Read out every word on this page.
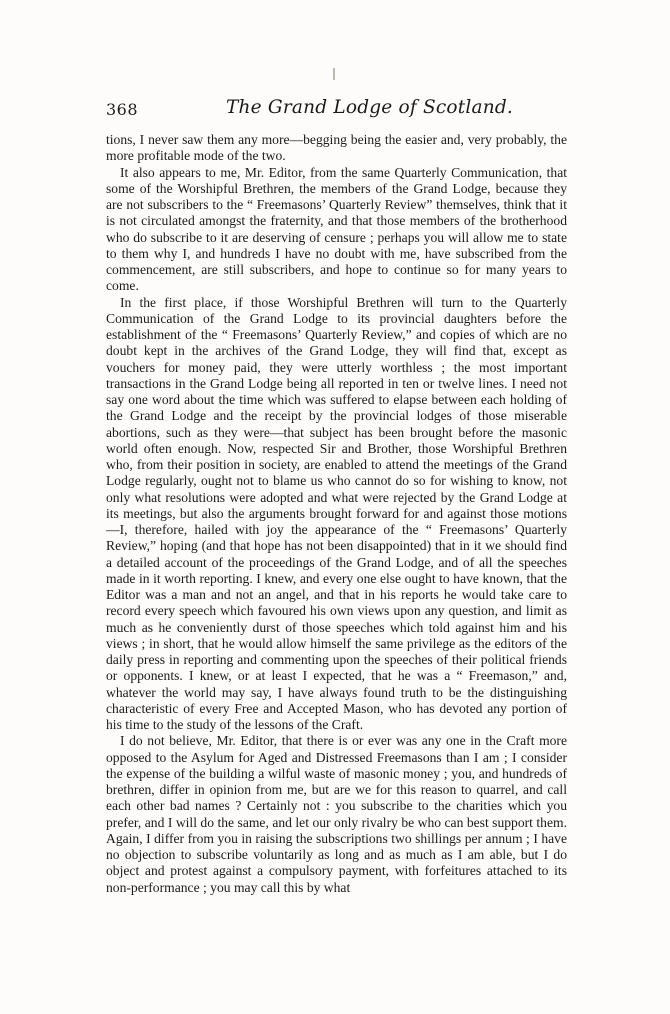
368	The Grand Lodge of Scotland.

tions, I never saw them any more—begging being the easier and, very probably, the more profitable mode of the two.

It also appears to me, Mr. Editor, from the same Quarterly Communication, that some of the Worshipful Brethren, the members of the Grand Lodge, because they are not subscribers to the “ Freemasons’ Quarterly Review” themselves, think that it is not circulated amongst the fraternity, and that those members of the brotherhood who do subscribe to it are deserving of censure ; perhaps you will allow me to state to them why I, and hundreds I have no doubt with me, have subscribed from the commencement, are still subscribers, and hope to continue so for many years to come.

In the first place, if those Worshipful Brethren will turn to the Quarterly Communication of the Grand Lodge to its provincial daughters before the establishment of the “ Freemasons’ Quarterly Review,” and copies of which are no doubt kept in the archives of the Grand Lodge, they will find that, except as vouchers for money paid, they were utterly worthless ; the most important transactions in the Grand Lodge being all reported in ten or twelve lines. I need not say one word about the time which was suffered to elapse between each holding of the Grand Lodge and the receipt by the provincial lodges of those miserable abortions, such as they were—that subject has been brought before the masonic world often enough. Now, respected Sir and Brother, those Worshipful Brethren who, from their position in society, are enabled to attend the meetings of the Grand Lodge regularly, ought not to blame us who cannot do so for wishing to know, not only what resolutions were adopted and what were rejected by the Grand Lodge at its meetings, but also the arguments brought forward for and against those motions—I, therefore, hailed with joy the appearance of the “ Freemasons’ Quarterly Review,” hoping (and that hope has not been disappointed) that in it we should find a detailed account of the proceedings of the Grand Lodge, and of all the speeches made in it worth reporting. I knew, and every one else ought to have known, that the Editor was a man and not an angel, and that in his reports he would take care to record every speech which favoured his own views upon any question, and limit as much as he conveniently durst of those speeches which told against him and his views ; in short, that he would allow himself the same privilege as the editors of the daily press in reporting and commenting upon the speeches of their political friends or opponents. I knew, or at least I expected, that he was a “ Freemason,” and, whatever the world may say, I have always found truth to be the distinguishing characteristic of every Free and Accepted Mason, who has devoted any portion of his time to the study of the lessons of the Craft.

I do not believe, Mr. Editor, that there is or ever was any one in the Craft more opposed to the Asylum for Aged and Distressed Freemasons than I am ; I consider the expense of the building a wilful waste of masonic money ; you, and hundreds of brethren, differ in opinion from me, but are we for this reason to quarrel, and call each other bad names ? Certainly not : you subscribe to the charities which you prefer, and I will do the same, and let our only rivalry be who can best support them. Again, I differ from you in raising the subscriptions two shillings per annum ; I have no objection to subscribe voluntarily as long and as much as I am able, but I do object and protest against a compulsory payment, with forfeitures attached to its non-performance ; you may call this by what
